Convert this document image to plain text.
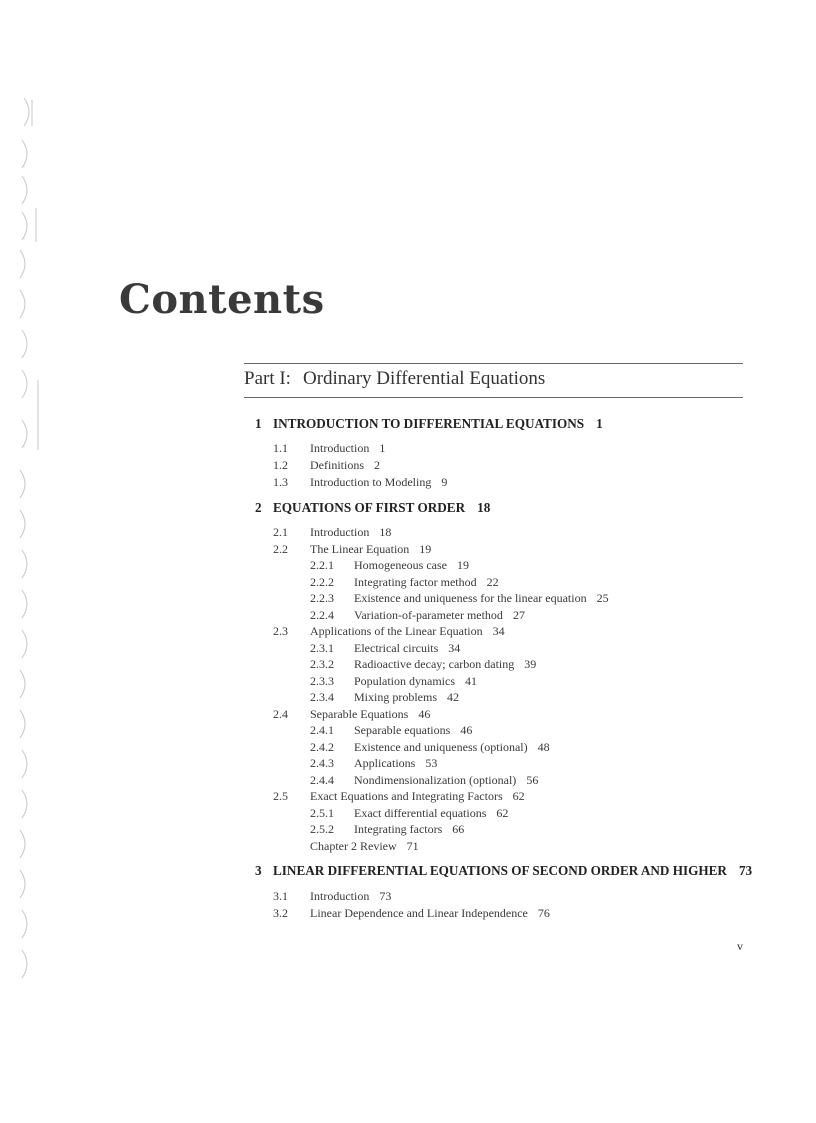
Contents
Part I: Ordinary Differential Equations
1 INTRODUCTION TO DIFFERENTIAL EQUATIONS 1
1.1 Introduction 1
1.2 Definitions 2
1.3 Introduction to Modeling 9
2 EQUATIONS OF FIRST ORDER 18
2.1 Introduction 18
2.2 The Linear Equation 19
2.2.1 Homogeneous case 19
2.2.2 Integrating factor method 22
2.2.3 Existence and uniqueness for the linear equation 25
2.2.4 Variation-of-parameter method 27
2.3 Applications of the Linear Equation 34
2.3.1 Electrical circuits 34
2.3.2 Radioactive decay; carbon dating 39
2.3.3 Population dynamics 41
2.3.4 Mixing problems 42
2.4 Separable Equations 46
2.4.1 Separable equations 46
2.4.2 Existence and uniqueness (optional) 48
2.4.3 Applications 53
2.4.4 Nondimensionalization (optional) 56
2.5 Exact Equations and Integrating Factors 62
2.5.1 Exact differential equations 62
2.5.2 Integrating factors 66
Chapter 2 Review 71
3 LINEAR DIFFERENTIAL EQUATIONS OF SECOND ORDER AND HIGHER 73
3.1 Introduction 73
3.2 Linear Dependence and Linear Independence 76
v
